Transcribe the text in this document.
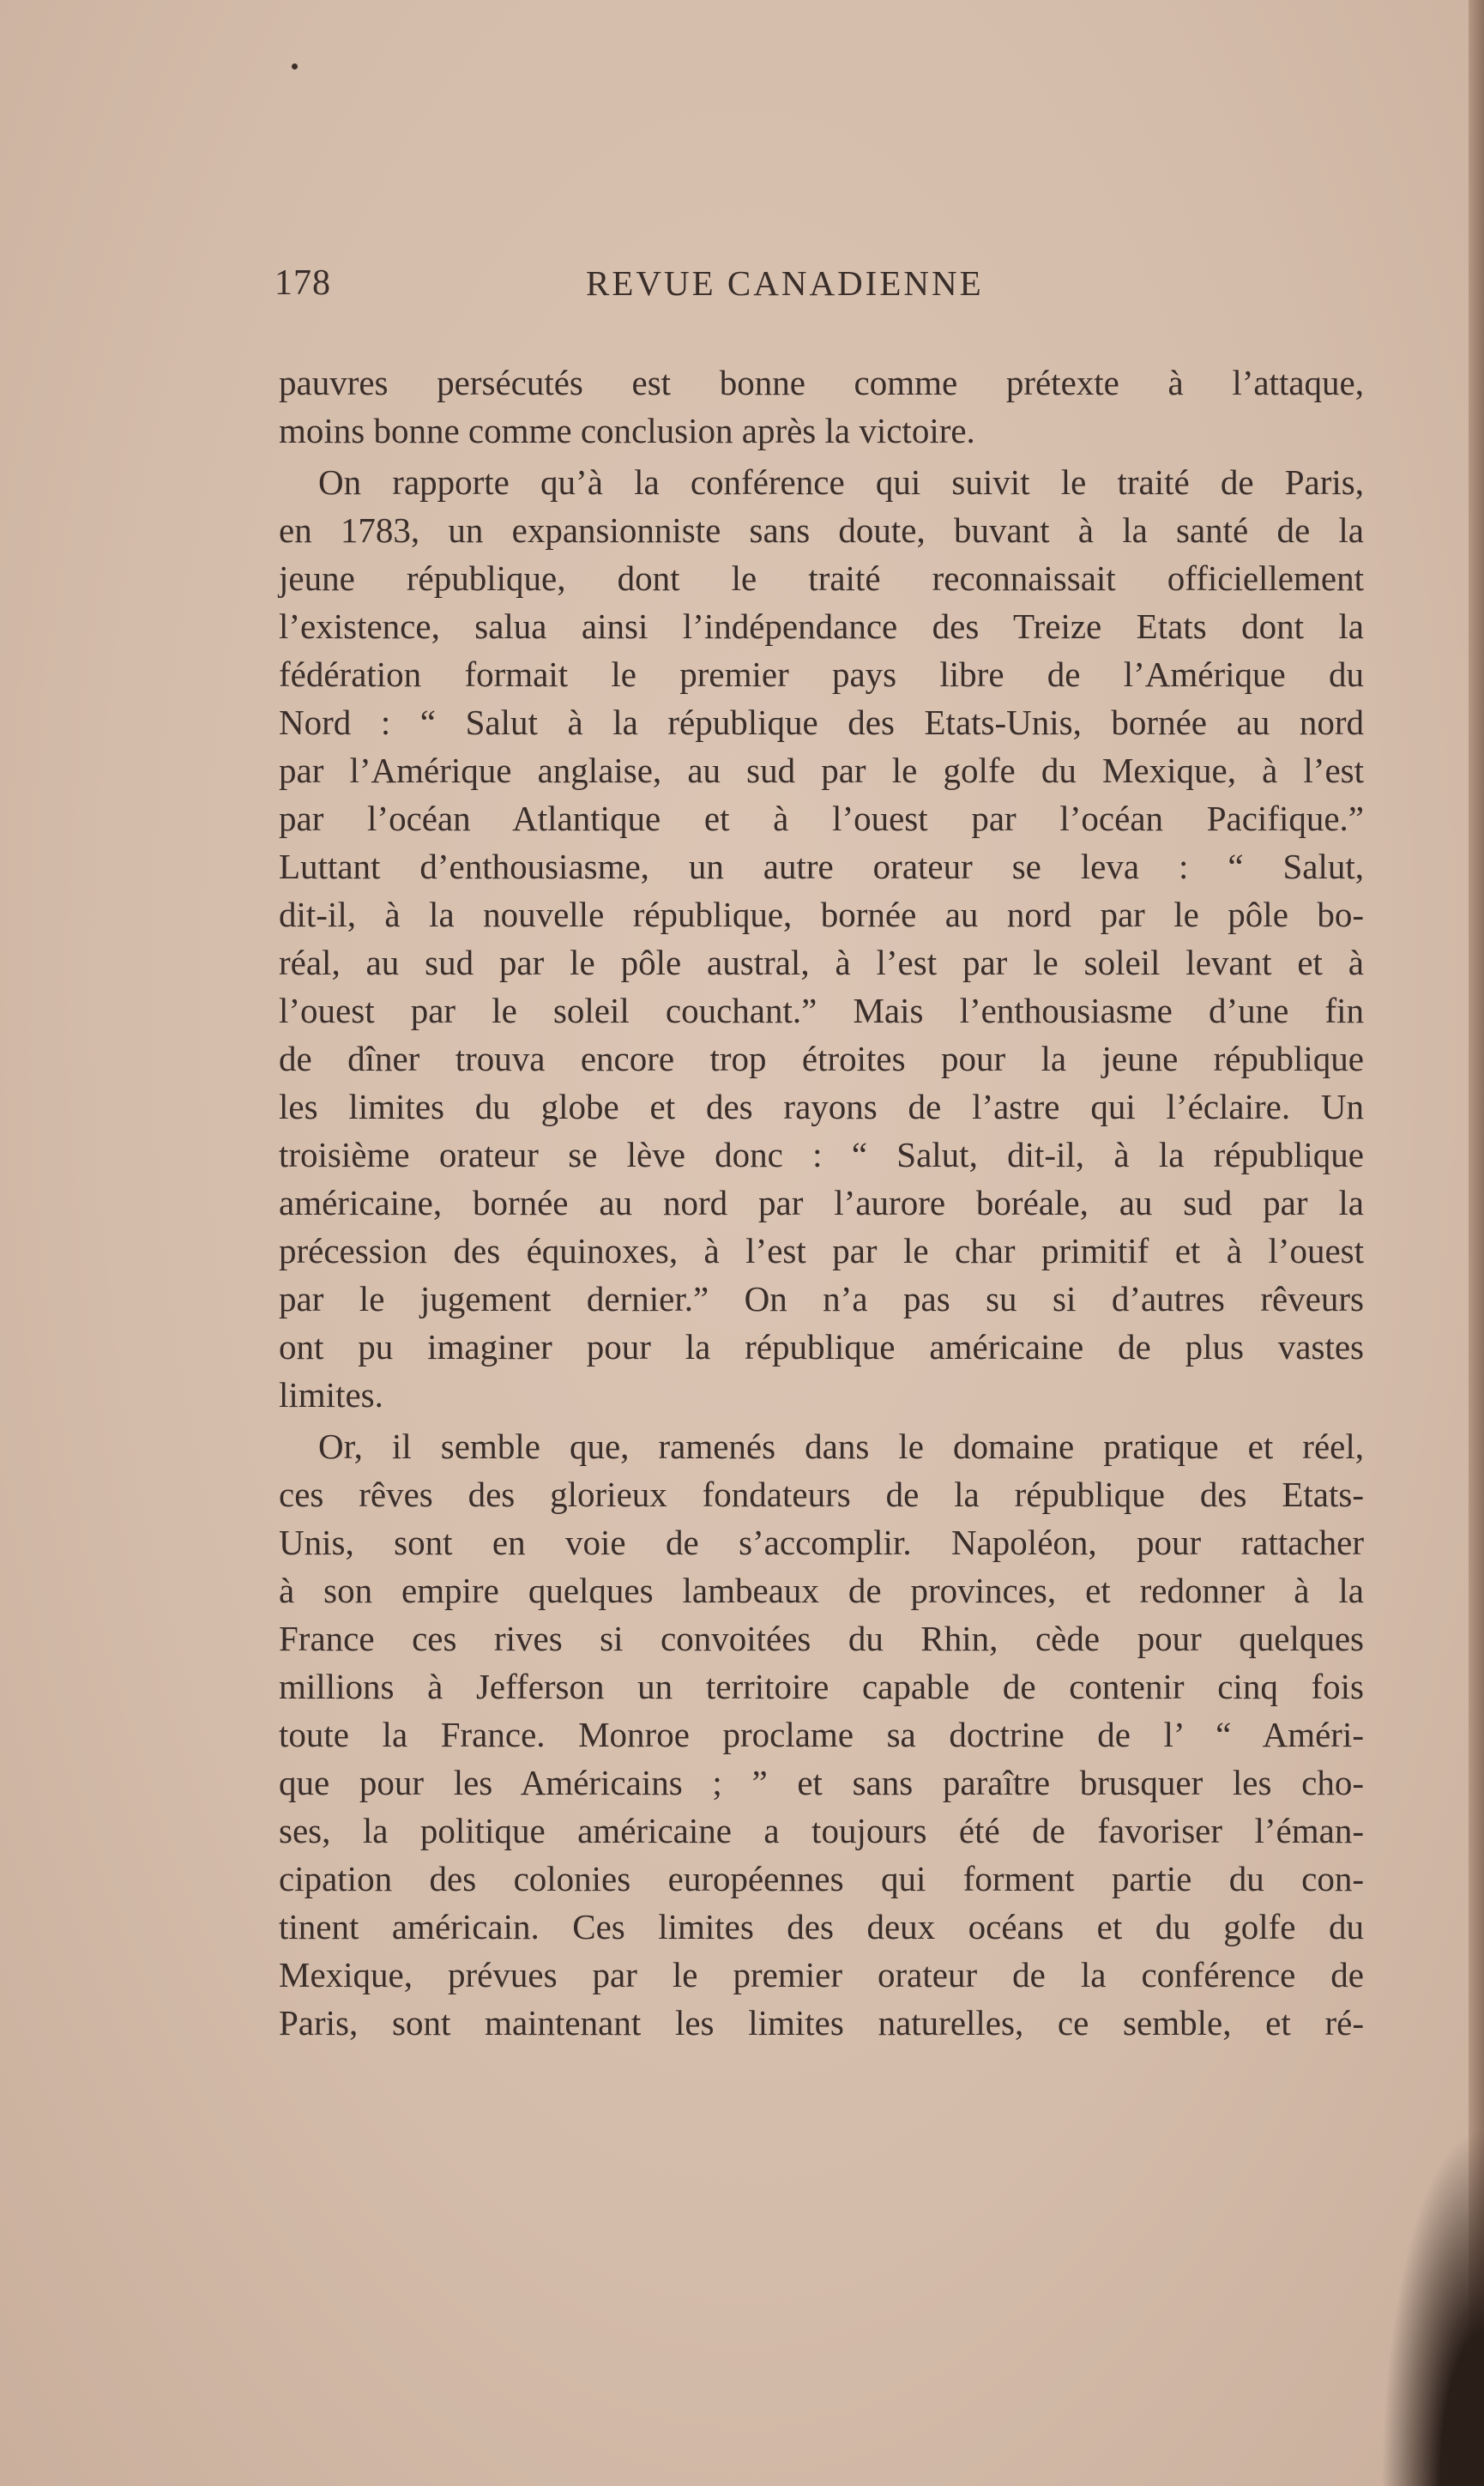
178	REVUE CANADIENNE
pauvres persécutés est bonne comme prétexte à l’attaque,
moins bonne comme conclusion après la victoire.
On rapporte qu’à la conférence qui suivit le traité de Paris,
en 1783, un expansionniste sans doute, buvant à la santé de la
jeune république, dont le traité reconnaissait officiellement
l’existence, salua ainsi l’indépendance des Treize Etats dont la
fédération formait le premier pays libre de l’Amérique du
Nord : “ Salut à la république des Etats-Unis, bornée au nord
par l’Amérique anglaise, au sud par le golfe du Mexique, à l’est
par l’océan Atlantique et à l’ouest par l’océan Pacifique.”
Luttant d’enthousiasme, un autre orateur se leva : “ Salut,
dit-il, à la nouvelle république, bornée au nord par le pôle bo-
réal, au sud par le pôle austral, à l’est par le soleil levant et à
l’ouest par le soleil couchant.” Mais l’enthousiasme d’une fin
de dîner trouva encore trop étroites pour la jeune république
les limites du globe et des rayons de l’astre qui l’éclaire. Un
troisième orateur se lève donc : “ Salut, dit-il, à la république
américaine, bornée au nord par l’aurore boréale, au sud par la
précession des équinoxes, à l’est par le char primitif et à l’ouest
par le jugement dernier.” On n’a pas su si d’autres rêveurs
ont pu imaginer pour la république américaine de plus vastes
limites.
Or, il semble que, ramenés dans le domaine pratique et réel,
ces rêves des glorieux fondateurs de la république des Etats-
Unis, sont en voie de s’accomplir. Napoléon, pour rattacher
à son empire quelques lambeaux de provinces, et redonner à la
France ces rives si convoitées du Rhin, cède pour quelques
millions à Jefferson un territoire capable de contenir cinq fois
toute la France. Monroe proclame sa doctrine de l’ “ Améri-
que pour les Américains ; ” et sans paraître brusquer les cho-
ses, la politique américaine a toujours été de favoriser l’éman-
cipation des colonies européennes qui forment partie du con-
tinent américain. Ces limites des deux océans et du golfe du
Mexique, prévues par le premier orateur de la conférence de
Paris, sont maintenant les limites naturelles, ce semble, et ré-
